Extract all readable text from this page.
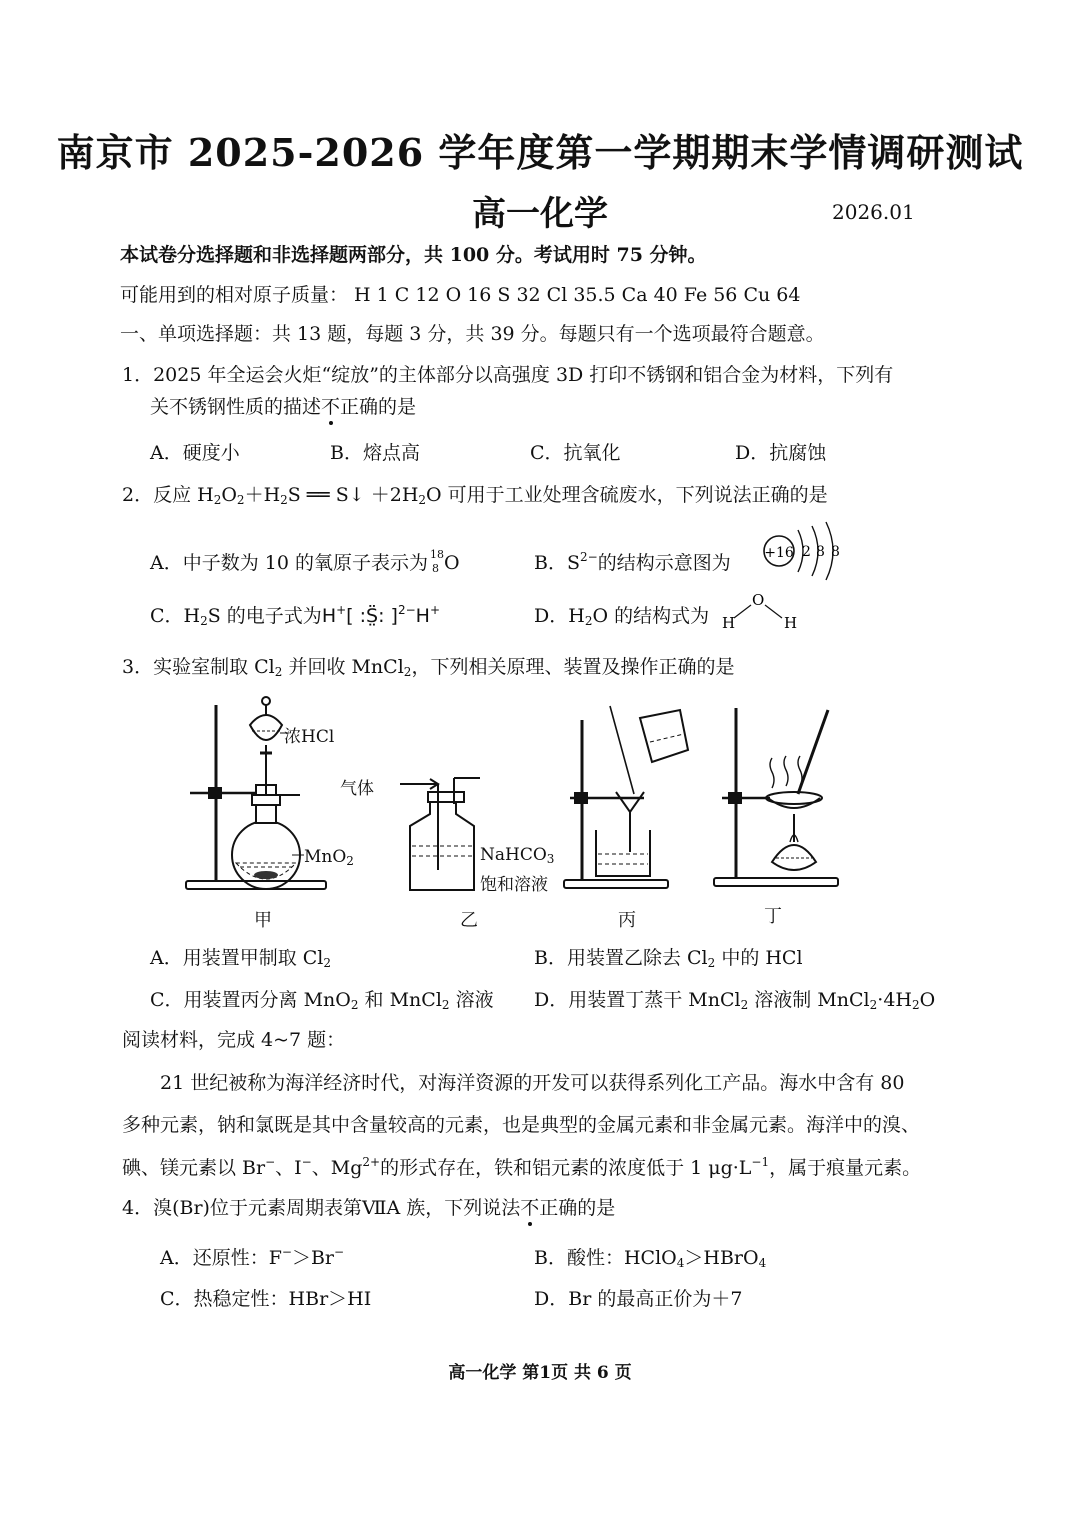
南京市 2025-2026 学年度第一学期期末学情调研测试
高一化学	2026.01
本试卷分选择题和非选择题两部分，共 100 分。考试用时 75 分钟。
可能用到的相对原子质量： H 1 C 12 O 16 S 32 Cl 35.5 Ca 40 Fe 56 Cu 64
一、单项选择题：共 13 题，每题 3 分，共 39 分。每题只有一个选项最符合题意。
1．2025 年全运会火炬“绽放”的主体部分以高强度 3D 打印不锈钢和铝合金为材料，下列有
关不锈钢性质的描述不正确的是
A．硬度小	B．熔点高	C．抗氧化	D．抗腐蚀
2．反应 $H_2O_2+H_2S$ ══ S↓ $+2H_2O$ 可用于工业处理含硫废水，下列说法正确的是
A．中子数为 10 的氧原子表示为 18
8 O	B．$S^{2-}$的结构示意图为 +16 2 8 8
C．$H_2S$ 的电子式为H+[ :S̤̈: ]$^{2-}$H+	D．$H_2O$ 的结构式为
O
H	H
3．实验室制取 $Cl_2$ 并回收 MnCl$_2$，下列相关原理、装置及操作正确的是
浓HCl
MnO$_2$
甲
气体
NaHCO$_3$
饱和溶液
乙	丙	丁
A．用装置甲制取 $Cl_2$	B．用装置乙除去 $Cl_2$ 中的 HCl
C．用装置丙分离 MnO$_2$ 和 MnCl$_2$ 溶液 D．用装置丁蒸干 MnCl$_2$ 溶液制 $MnCl_2\cdot 4H_2O$
阅读材料，完成 4~7 题：
21 世纪被称为海洋经济时代，对海洋资源的开发可以获得系列化工产品。海水中含有 80
多种元素，钠和氯既是其中含量较高的元素，也是典型的金属元素和非金属元素。海洋中的溴、
碘、镁元素以 Br−、I−、$Mg^{2+}$的形式存在，铁和铝元素的浓度低于 1 $\mu g\cdot L^{-1}$，属于痕量元素。
4．溴(Br)位于元素周期表第ⅦA 族，下列说法不正确的是
A．还原性：F−＞Br−	B．酸性：HClO$_4$＞HBrO$_4$
C．热稳定性：HBr＞HI	D．Br 的最高正价为＋7
高一化学 第1页 共 6 页
